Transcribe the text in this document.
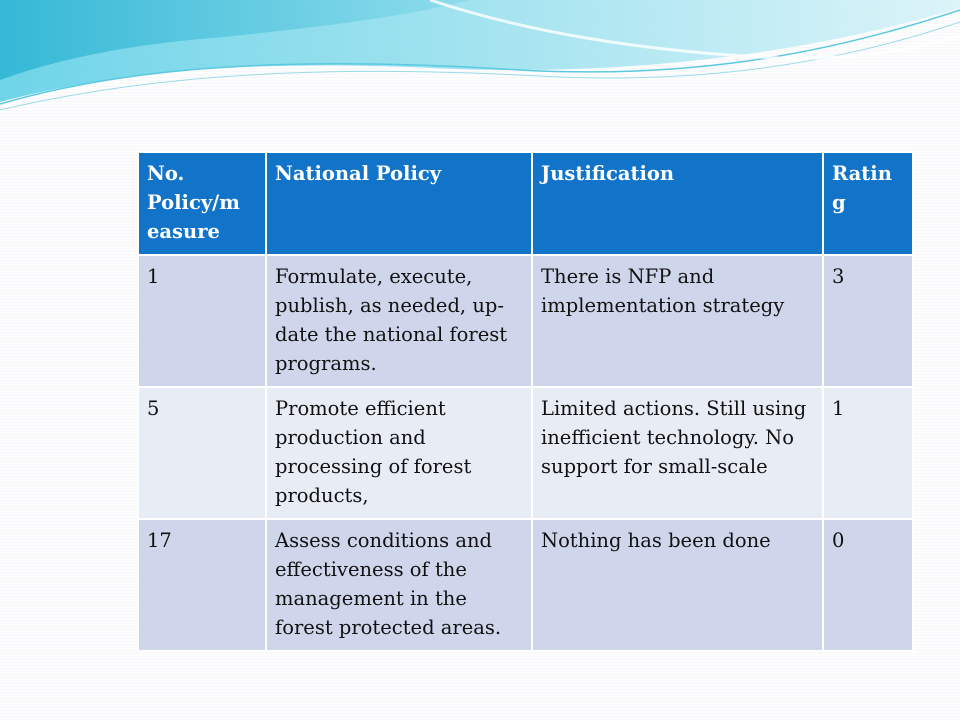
No. Policy/m easure	National Policy	Justification	Ratin g
1	Formulate, execute, publish, as needed, up-date the national forest programs.	There is NFP and implementation strategy	3
5	Promote efficient production and processing of forest products,	Limited actions. Still using inefficient technology. No support for small-scale	1
17	Assess conditions and effectiveness of the management in the forest protected areas.	Nothing has been done	0
